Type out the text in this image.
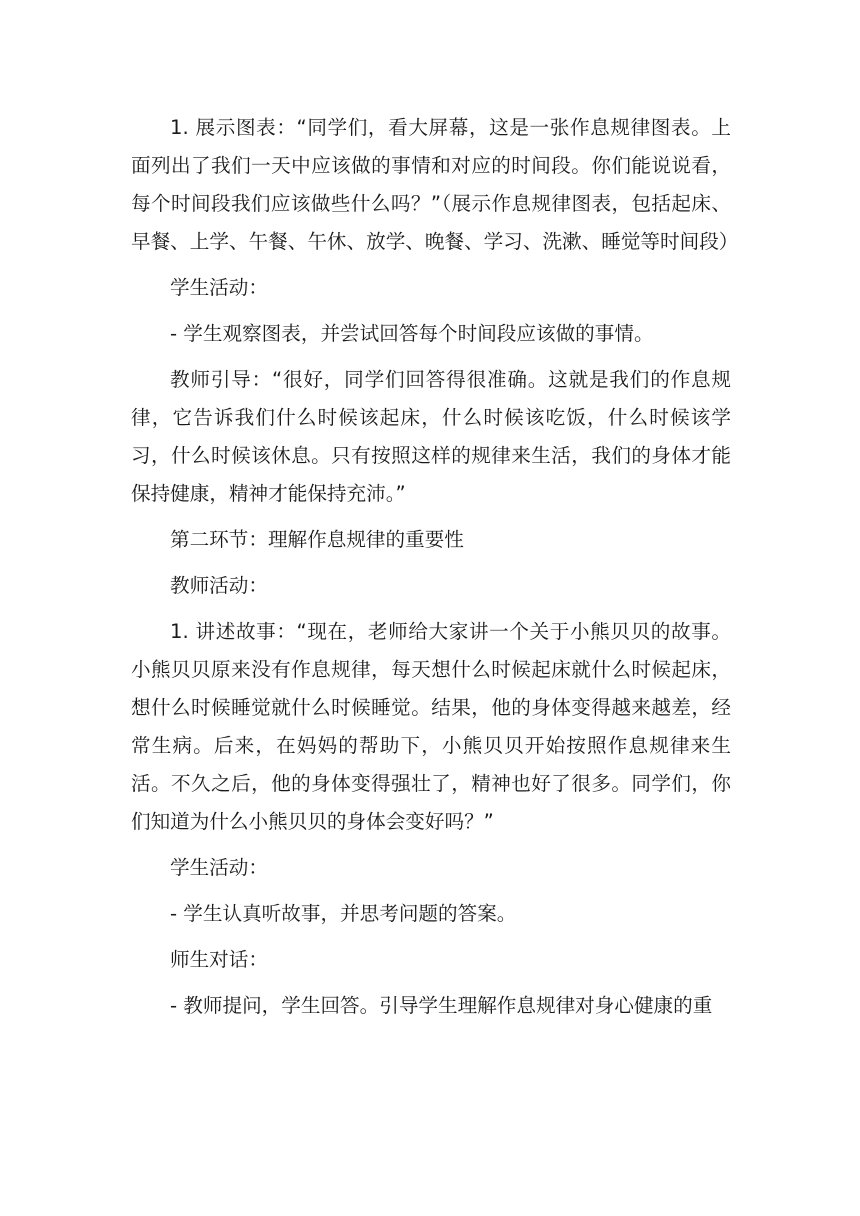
1. 展示图表：“同学们，看大屏幕，这是一张作息规律图表。上面列出了我们一天中应该做的事情和对应的时间段。你们能说说看，每个时间段我们应该做些什么吗？”（展示作息规律图表，包括起床、早餐、上学、午餐、午休、放学、晚餐、学习、洗漱、睡觉等时间段）

学生活动：

- 学生观察图表，并尝试回答每个时间段应该做的事情。

教师引导：“很好，同学们回答得很准确。这就是我们的作息规律，它告诉我们什么时候该起床，什么时候该吃饭，什么时候该学习，什么时候该休息。只有按照这样的规律来生活，我们的身体才能保持健康，精神才能保持充沛。”

第二环节：理解作息规律的重要性

教师活动：

1. 讲述故事：“现在，老师给大家讲一个关于小熊贝贝的故事。小熊贝贝原来没有作息规律，每天想什么时候起床就什么时候起床，想什么时候睡觉就什么时候睡觉。结果，他的身体变得越来越差，经常生病。后来，在妈妈的帮助下，小熊贝贝开始按照作息规律来生活。不久之后，他的身体变得强壮了，精神也好了很多。同学们，你们知道为什么小熊贝贝的身体会变好吗？”

学生活动：

- 学生认真听故事，并思考问题的答案。

师生对话：

- 教师提问，学生回答。引导学生理解作息规律对身心健康的重
